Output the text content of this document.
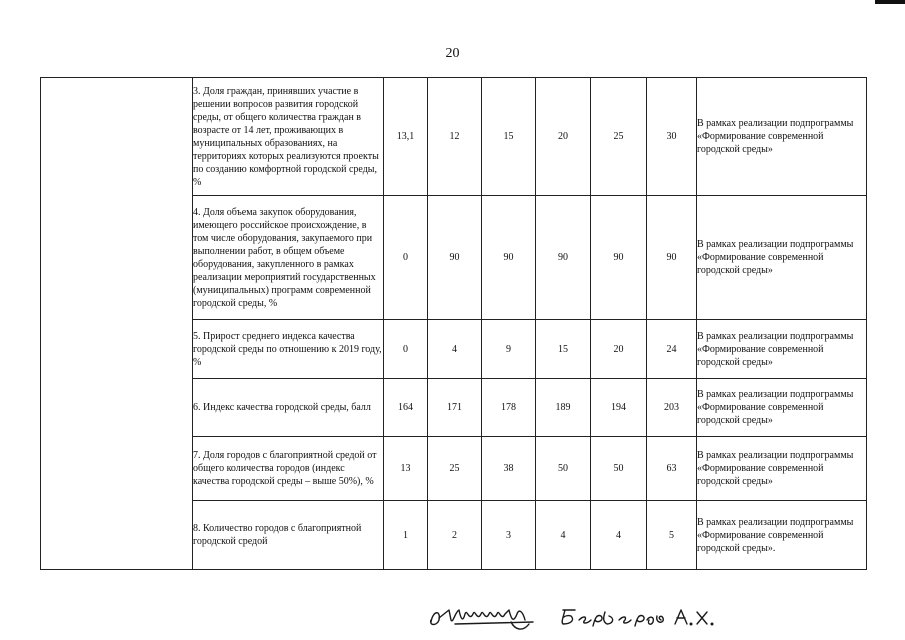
20
	3. Доля граждан, принявших участие в решении вопросов развития городской среды, от общего количества граждан в возрасте от 14 лет, проживающих в муниципальных образованиях, на территориях которых реализуются проекты по созданию комфортной городской среды, %	13,1	12	15	20	25	30	В рамках реализации подпрограммы «Формирование современной городской среды»
	4. Доля объема закупок оборудования, имеющего российское происхождение, в том числе оборудования, закупаемого при выполнении работ, в общем объеме оборудования, закупленного в рамках реализации мероприятий государственных (муниципальных) программ современной городской среды, %	0	90	90	90	90	90	В рамках реализации подпрограммы «Формирование современной городской среды»
	5. Прирост среднего индекса качества городской среды по отношению к 2019 году, %	0	4	9	15	20	24	В рамках реализации подпрограммы «Формирование современной городской среды»
	6. Индекс качества городской среды, балл	164	171	178	189	194	203	В рамках реализации подпрограммы «Формирование современной городской среды»
	7. Доля городов с благоприятной средой от общего количества городов (индекс качества городской среды – выше 50%), %	13	25	38	50	50	63	В рамках реализации подпрограммы «Формирование современной городской среды»
	8. Количество городов с благоприятной городской средой	1	2	3	4	4	5	В рамках реализации подпрограммы «Формирование современной городской среды».
